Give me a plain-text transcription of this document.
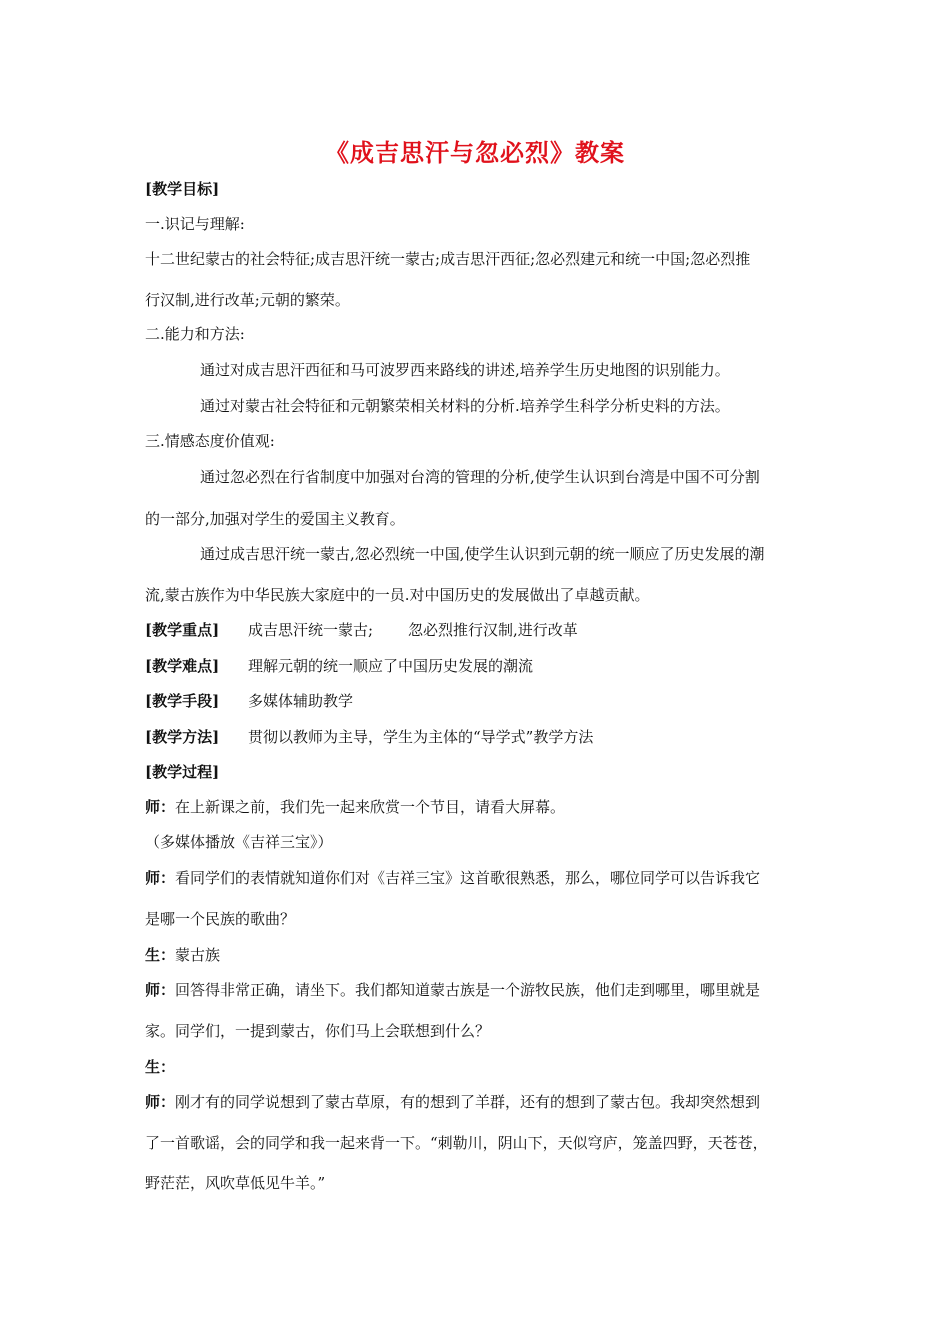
《成吉思汗与忽必烈》教案
[教学目标]
一.识记与理解:
十二世纪蒙古的社会特征;成吉思汗统一蒙古;成吉思汗西征;忽必烈建元和统一中国;忽必烈推
行汉制,进行改革;元朝的繁荣。
二.能力和方法:
通过对成吉思汗西征和马可波罗西来路线的讲述,培养学生历史地图的识别能力。
通过对蒙古社会特征和元朝繁荣相关材料的分析.培养学生科学分析史料的方法。
三.情感态度价值观:
通过忽必烈在行省制度中加强对台湾的管理的分析,使学生认识到台湾是中国不可分割
的一部分,加强对学生的爱国主义教育。
通过成吉思汗统一蒙古,忽必烈统一中国,使学生认识到元朝的统一顺应了历史发展的潮
流,蒙古族作为中华民族大家庭中的一员.对中国历史的发展做出了卓越贡献。
[教学重点] 成吉思汗统一蒙古; 忽必烈推行汉制,进行改革
[教学难点] 理解元朝的统一顺应了中国历史发展的潮流
[教学手段] 多媒体辅助教学
[教学方法] 贯彻以教师为主导，学生为主体的“导学式”教学方法
[教学过程]
师：在上新课之前，我们先一起来欣赏一个节目，请看大屏幕。
（多媒体播放《吉祥三宝》）
师：看同学们的表情就知道你们对《吉祥三宝》这首歌很熟悉，那么，哪位同学可以告诉我它
是哪一个民族的歌曲？
生：蒙古族
师：回答得非常正确，请坐下。我们都知道蒙古族是一个游牧民族，他们走到哪里，哪里就是
家。同学们，一提到蒙古，你们马上会联想到什么？
生：
师：刚才有的同学说想到了蒙古草原，有的想到了羊群，还有的想到了蒙古包。我却突然想到
了一首歌谣，会的同学和我一起来背一下。“刺勒川，阴山下，天似穹庐，笼盖四野，天苍苍，
野茫茫，风吹草低见牛羊。”
